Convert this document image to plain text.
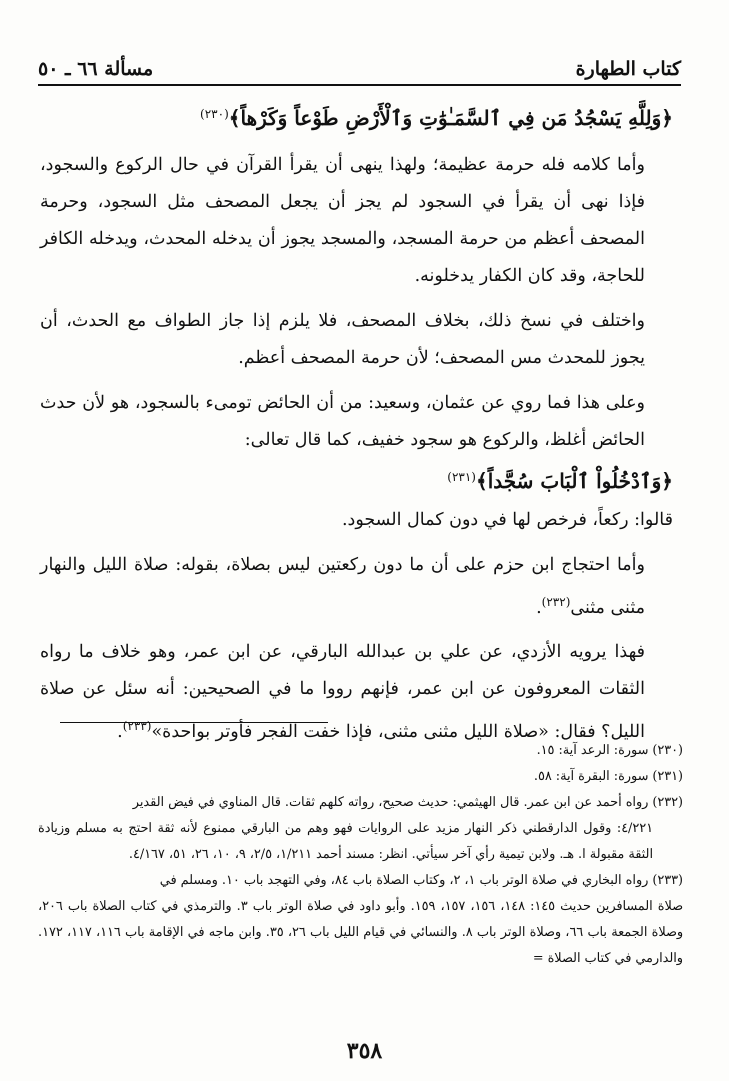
كتاب الطهارة
مسألة ٦٦ ـ ٥٠

﴿وَلِلَّهِ يَسْجُدُ مَن فِي ٱلسَّمَـٰوَٰتِ وَٱلْأَرْضِ طَوْعاً وَكَرْهاً﴾$^{(٢٣٠)}$

وأما كلامه فله حرمة عظيمة؛ ولهذا ينهى أن يقرأ القرآن في حال الركوع والسجود، فإذا نهى أن يقرأ في السجود لم يجز أن يجعل المصحف مثل السجود، وحرمة المصحف أعظم من حرمة المسجد، والمسجد يجوز أن يدخله المحدث، ويدخله الكافر للحاجة، وقد كان الكفار يدخلونه.

واختلف في نسخ ذلك، بخلاف المصحف، فلا يلزم إذا جاز الطواف مع الحدث، أن يجوز للمحدث مس المصحف؛ لأن حرمة المصحف أعظم.

وعلى هذا فما روي عن عثمان، وسعيد: من أن الحائض تومىء بالسجود، هو لأن حدث الحائض أغلظ، والركوع هو سجود خفيف، كما قال تعالى:

﴿وَٱدْخُلُواْ ٱلْبَابَ سُجَّداً﴾$^{(٢٣١)}$

قالوا: ركعاً، فرخص لها في دون كمال السجود.

وأما احتجاج ابن حزم على أن ما دون ركعتين ليس بصلاة، بقوله: صلاة الليل والنهار مثنى مثنى$^{(٢٣٢)}$.

فهذا يرويه الأزدي، عن علي بن عبدالله البارقي، عن ابن عمر، وهو خلاف ما رواه الثقات المعروفون عن ابن عمر، فإنهم رووا ما في الصحيحين: أنه سئل عن صلاة الليل؟ فقال: «صلاة الليل مثنى مثنى، فإذا خفت الفجر فأوتر بواحدة»$^{(٢٣٣)}$.

(٢٣٠) سورة: الرعد آية: ١٥.

(٢٣١) سورة: البقرة آية: ٥٨.

(٢٣٢) رواه أحمد عن ابن عمر. قال الهيثمي: حديث صحيح، رواته كلهم ثقات. قال المناوي في فيض القدير

٤/٢٢١: وقول الدارقطني ذكر النهار مزيد على الروايات فهو وهم من البارقي ممنوع لأنه ثقة احتج به مسلم وزيادة الثقة مقبولة ا. هـ. ولابن تيمية رأي آخر سيأتي. انظر: مسند أحمد ١/٢١١، ٢/٥، ٩، ١٠، ٢٦، ٥١، ٤/١٦٧.

(٢٣٣) رواه البخاري في صلاة الوتر باب ١، ٢، وكتاب الصلاة باب ٨٤، وفي التهجد باب ١٠. ومسلم في

صلاة المسافرين حديث ١٤٥: ١٤٨، ١٥٦، ١٥٧، ١٥٩. وأبو داود في صلاة الوتر باب ٣. والترمذي في كتاب الصلاة باب ٢٠٦، وصلاة الجمعة باب ٦٦، وصلاة الوتر باب ٨. والنسائي في قيام الليل باب ٢٦، ٣٥. وابن ماجه في الإقامة باب ١١٦، ١١٧، ١٧٢. والدارمي في كتاب الصلاة =

٣٥٨
